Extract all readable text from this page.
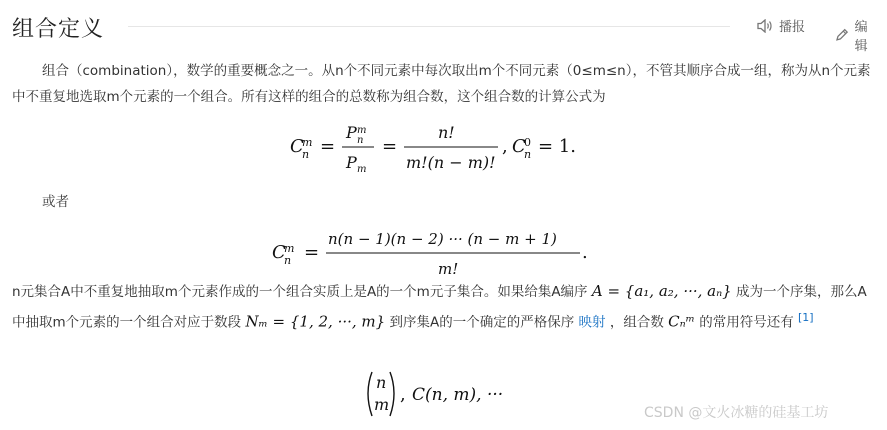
组合定义	播报	编辑

组合（combination），数学的重要概念之一。从n个不同元素中每次取出m个不同元素（0≤m≤n），不管其顺序合成一组，称为从n个元素中不重复地选取m个元素的一个组合。所有这样的组合的总数称为组合数，这个组合数的计算公式为

C
m
n =
P m
n
P m
=
n!
m!(n − m)!
, C
0
n = 1.
或者
C
m
n =
n(n − 1)(n − 2) ··· (n − m + 1)
m!
.

n元集合A中不重复地抽取m个元素作成的一个组合实质上是A的一个m元子集合。如果给集A编序 A = {a₁, a₂, ···, aₙ} 成为一个序集，那么A中抽取m个元素的一个组合对应于数段 Nₘ = {1, 2, ···, m} 到序集A的一个确定的严格保序 映射 ，组合数 Cₙᵐ 的常用符号还有 [1]

n
m , C(n, m), ···
CSDN @文火冰糖的硅基工坊
